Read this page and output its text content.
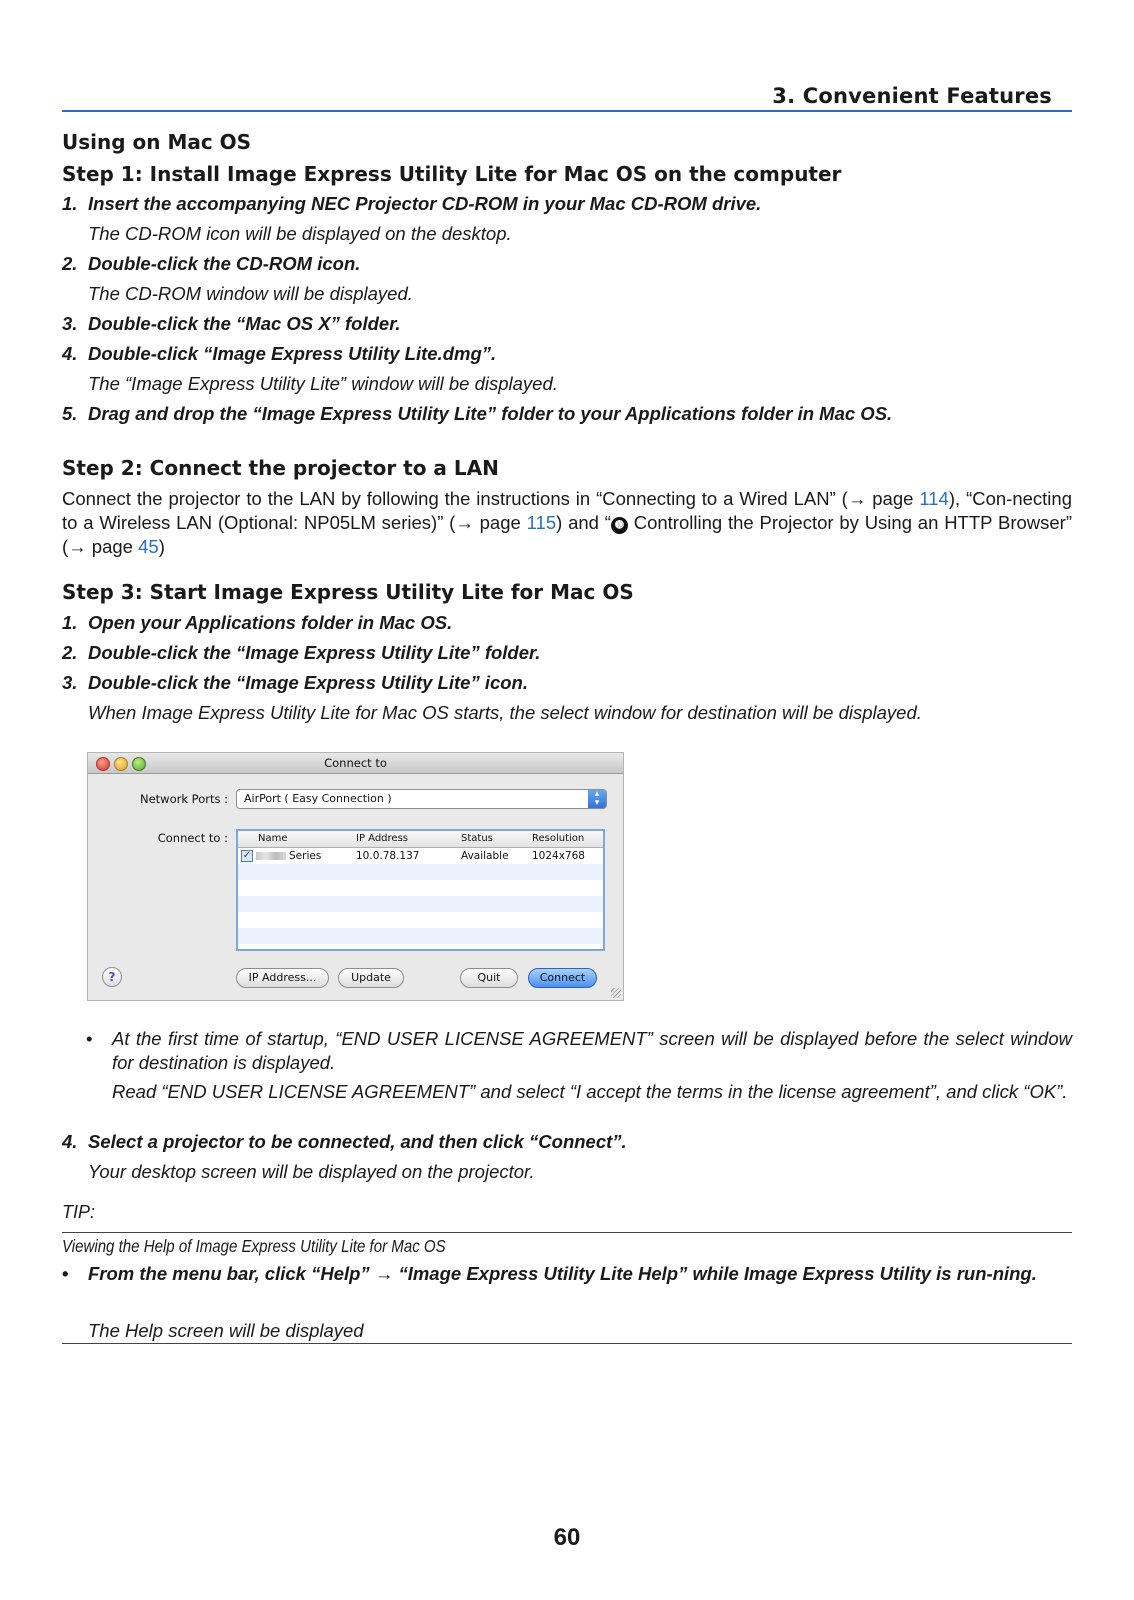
3. Convenient Features
Using on Mac OS
Step 1: Install Image Express Utility Lite for Mac OS on the computer
1. Insert the accompanying NEC Projector CD-ROM in your Mac CD-ROM drive.
The CD-ROM icon will be displayed on the desktop.
2. Double-click the CD-ROM icon.
The CD-ROM window will be displayed.
3. Double-click the “Mac OS X” folder.
4. Double-click “Image Express Utility Lite.dmg”.
The “Image Express Utility Lite” window will be displayed.
5. Drag and drop the “Image Express Utility Lite” folder to your Applications folder in Mac OS.
Step 2: Connect the projector to a LAN
Connect the projector to the LAN by following the instructions in “Connecting to a Wired LAN” (→ page 114), “Con-necting to a Wireless LAN (Optional: NP05LM series)” (→ page 115) and “ ➓ Controlling the Projector by Using an HTTP Browser” (→ page 45)
Step 3: Start Image Express Utility Lite for Mac OS
1. Open your Applications folder in Mac OS.
2. Double-click the “Image Express Utility Lite” folder.
3. Double-click the “Image Express Utility Lite” icon.
When Image Express Utility Lite for Mac OS starts, the select window for destination will be displayed.
Connect to
Network Ports :	AirPort ( Easy Connection )	▴
▾
Connect to :	Name	IP Address	Status	Resolution
✓	Series	10.0.78.137	Available 1024x768
?	IP Address...	Update	Quit	Connect
•	At the first time of startup, “END USER LICENSE AGREEMENT” screen will be displayed before the select window for destination is displayed.
Read “END USER LICENSE AGREEMENT” and select “I accept the terms in the license agreement”, and click “OK”.
4. Select a projector to be connected, and then click “Connect”.
Your desktop screen will be displayed on the projector.
TIP:
Viewing the Help of Image Express Utility Lite for Mac OS
•	From the menu bar, click “Help” → “Image Express Utility Lite Help” while Image Express Utility is run-ning.
The Help screen will be displayed
60
